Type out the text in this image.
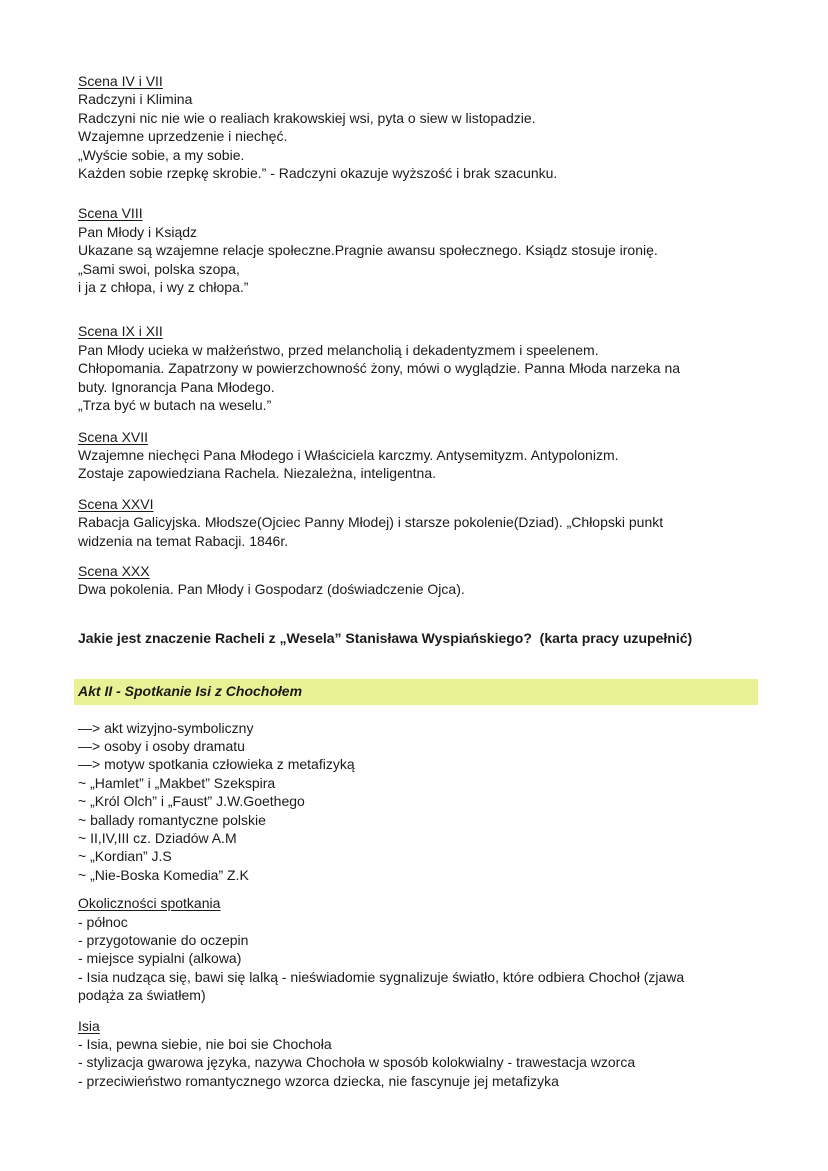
Scena IV i VII
Radczyni i Klimina
Radczyni nic nie wie o realiach krakowskiej wsi, pyta o siew w listopadzie.
Wzajemne uprzedzenie i niechęć.
„Wyście sobie, a my sobie.
Każden sobie rzepkę skrobie.” - Radczyni okazuje wyższość i brak szacunku.
Scena VIII
Pan Młody i Ksiądz
Ukazane są wzajemne relacje społeczne.Pragnie awansu społecznego. Ksiądz stosuje ironię.
„Sami swoi, polska szopa,
i ja z chłopa, i wy z chłopa.”
Scena IX i XII
Pan Młody ucieka w małżeństwo, przed melancholią i dekadentyzmem i speelenem.
Chłopomania. Zapatrzony w powierzchowność żony, mówi o wyglądzie. Panna Młoda narzeka na
buty. Ignorancja Pana Młodego.
„Trza być w butach na weselu.”
Scena XVII
Wzajemne niechęci Pana Młodego i Właściciela karczmy. Antysemityzm. Antypolonizm.
Zostaje zapowiedziana Rachela. Niezależna, inteligentna.
Scena XXVI
Rabacja Galicyjska. Młodsze(Ojciec Panny Młodej) i starsze pokolenie(Dziad). „Chłopski punkt
widzenia na temat Rabacji. 1846r.
Scena XXX
Dwa pokolenia. Pan Młody i Gospodarz (doświadczenie Ojca).
Jakie jest znaczenie Racheli z „Wesela” Stanisława Wyspiańskiego?  (karta pracy uzupełnić)
Akt II - Spotkanie Isi z Chochołem
—> akt wizyjno-symboliczny
—> osoby i osoby dramatu
—> motyw spotkania człowieka z metafizyką
~ „Hamlet” i „Makbet” Szekspira
~ „Król Olch” i „Faust” J.W.Goethego
~ ballady romantyczne polskie
~ II,IV,III cz. Dziadów A.M
~ „Kordian” J.S
~ „Nie-Boska Komedia” Z.K
Okoliczności spotkania
- północ
- przygotowanie do oczepin
- miejsce sypialni (alkowa)
- Isia nudząca się, bawi się lalką - nieświadomie sygnalizuje światło, które odbiera Chochoł (zjawa
podąża za światłem)
Isia
- Isia, pewna siebie, nie boi sie Chochoła
- stylizacja gwarowa języka, nazywa Chochoła w sposób kolokwialny - trawestacja wzorca
- przeciwieństwo romantycznego wzorca dziecka, nie fascynuje jej metafizyka
